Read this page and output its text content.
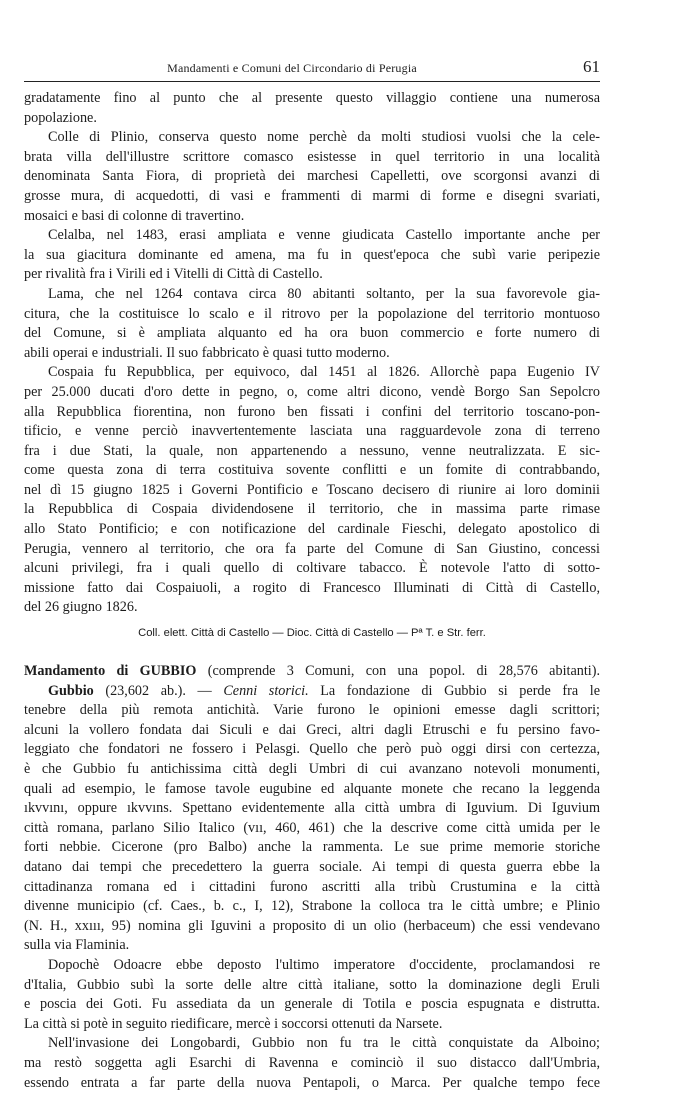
Mandamenti e Comuni del Circondario di Perugia	61

gradatamente fino al punto che al presente questo villaggio contiene una numerosa
popolazione.

Colle di Plinio, conserva questo nome perchè da molti studiosi vuolsi che la cele-
brata villa dell'illustre scrittore comasco esistesse in quel territorio in una località
denominata Santa Fiora, di proprietà dei marchesi Capelletti, ove scorgonsi avanzi di
grosse mura, di acquedotti, di vasi e frammenti di marmi di forme e disegni svariati,
mosaici e basi di colonne di travertino.

Celalba, nel 1483, erasi ampliata e venne giudicata Castello importante anche per
la sua giacitura dominante ed amena, ma fu in quest'epoca che subì varie peripezie
per rivalità fra i Virili ed i Vitelli di Città di Castello.

Lama, che nel 1264 contava circa 80 abitanti soltanto, per la sua favorevole gia-
citura, che la costituisce lo scalo e il ritrovo per la popolazione del territorio montuoso
del Comune, si è ampliata alquanto ed ha ora buon commercio e forte numero di
abili operai e industriali. Il suo fabbricato è quasi tutto moderno.

Cospaia fu Repubblica, per equivoco, dal 1451 al 1826. Allorchè papa Eugenio IV
per 25.000 ducati d'oro dette in pegno, o, come altri dicono, vendè Borgo San Sepolcro
alla Repubblica fiorentina, non furono ben fissati i confini del territorio toscano-pon-
tificio, e venne perciò inavvertentemente lasciata una ragguardevole zona di terreno
fra i due Stati, la quale, non appartenendo a nessuno, venne neutralizzata. E sic-
come questa zona di terra costituiva sovente conflitti e un fomite di contrabbando,
nel dì 15 giugno 1825 i Governi Pontificio e Toscano decisero di riunire ai loro dominii
la Repubblica di Cospaia dividendosene il territorio, che in massima parte rimase
allo Stato Pontificio; e con notificazione del cardinale Fieschi, delegato apostolico di
Perugia, vennero al territorio, che ora fa parte del Comune di San Giustino, concessi
alcuni privilegi, fra i quali quello di coltivare tabacco. È notevole l'atto di sotto-
missione fatto dai Cospaiuoli, a rogito di Francesco Illuminati di Città di Castello,
del 26 giugno 1826.

Coll. elett. Città di Castello — Dioc. Città di Castello — Pª T. e Str. ferr.

Mandamento di GUBBIO (comprende 3 Comuni, con una popol. di 28,576 abitanti).

Gubbio (23,602 ab.). — Cenni storici. La fondazione di Gubbio si perde fra le
tenebre della più remota antichità. Varie furono le opinioni emesse dagli scrittori;
alcuni la vollero fondata dai Siculi e dai Greci, altri dagli Etruschi e fu persino favo-
leggiato che fondatori ne fossero i Pelasgi. Quello che però può oggi dirsi con certezza,
è che Gubbio fu antichissima città degli Umbri di cui avanzano notevoli monumenti,
quali ad esempio, le famose tavole eugubine ed alquante monete che recano la leggenda
ıkvvını, oppure ıkvvıns. Spettano evidentemente alla città umbra di Iguvium. Di Iguvium
città romana, parlano Silio Italico (vıı, 460, 461) che la descrive come città umida per le
forti nebbie. Cicerone (pro Balbo) anche la rammenta. Le sue prime memorie storiche
datano dai tempi che precedettero la guerra sociale. Ai tempi di questa guerra ebbe la
cittadinanza romana ed i cittadini furono ascritti alla tribù Crustumina e la città
divenne municipio (cf. Caes., b. c., I, 12), Strabone la colloca tra le città umbre; e Plinio
(N. H., xxııı, 95) nomina gli Iguvini a proposito di un olio (herbaceum) che essi vendevano
sulla via Flaminia.

Dopochè Odoacre ebbe deposto l'ultimo imperatore d'occidente, proclamandosi re
d'Italia, Gubbio subì la sorte delle altre città italiane, sotto la dominazione degli Eruli
e poscia dei Goti. Fu assediata da un generale di Totila e poscia espugnata e distrutta.
La città si potè in seguito riedificare, mercè i soccorsi ottenuti da Narsete.

Nell'invasione dei Longobardi, Gubbio non fu tra le città conquistate da Alboino;
ma restò soggetta agli Esarchi di Ravenna e cominciò il suo distacco dall'Umbria,
essendo entrata a far parte della nuova Pentapoli, o Marca. Per qualche tempo fece
